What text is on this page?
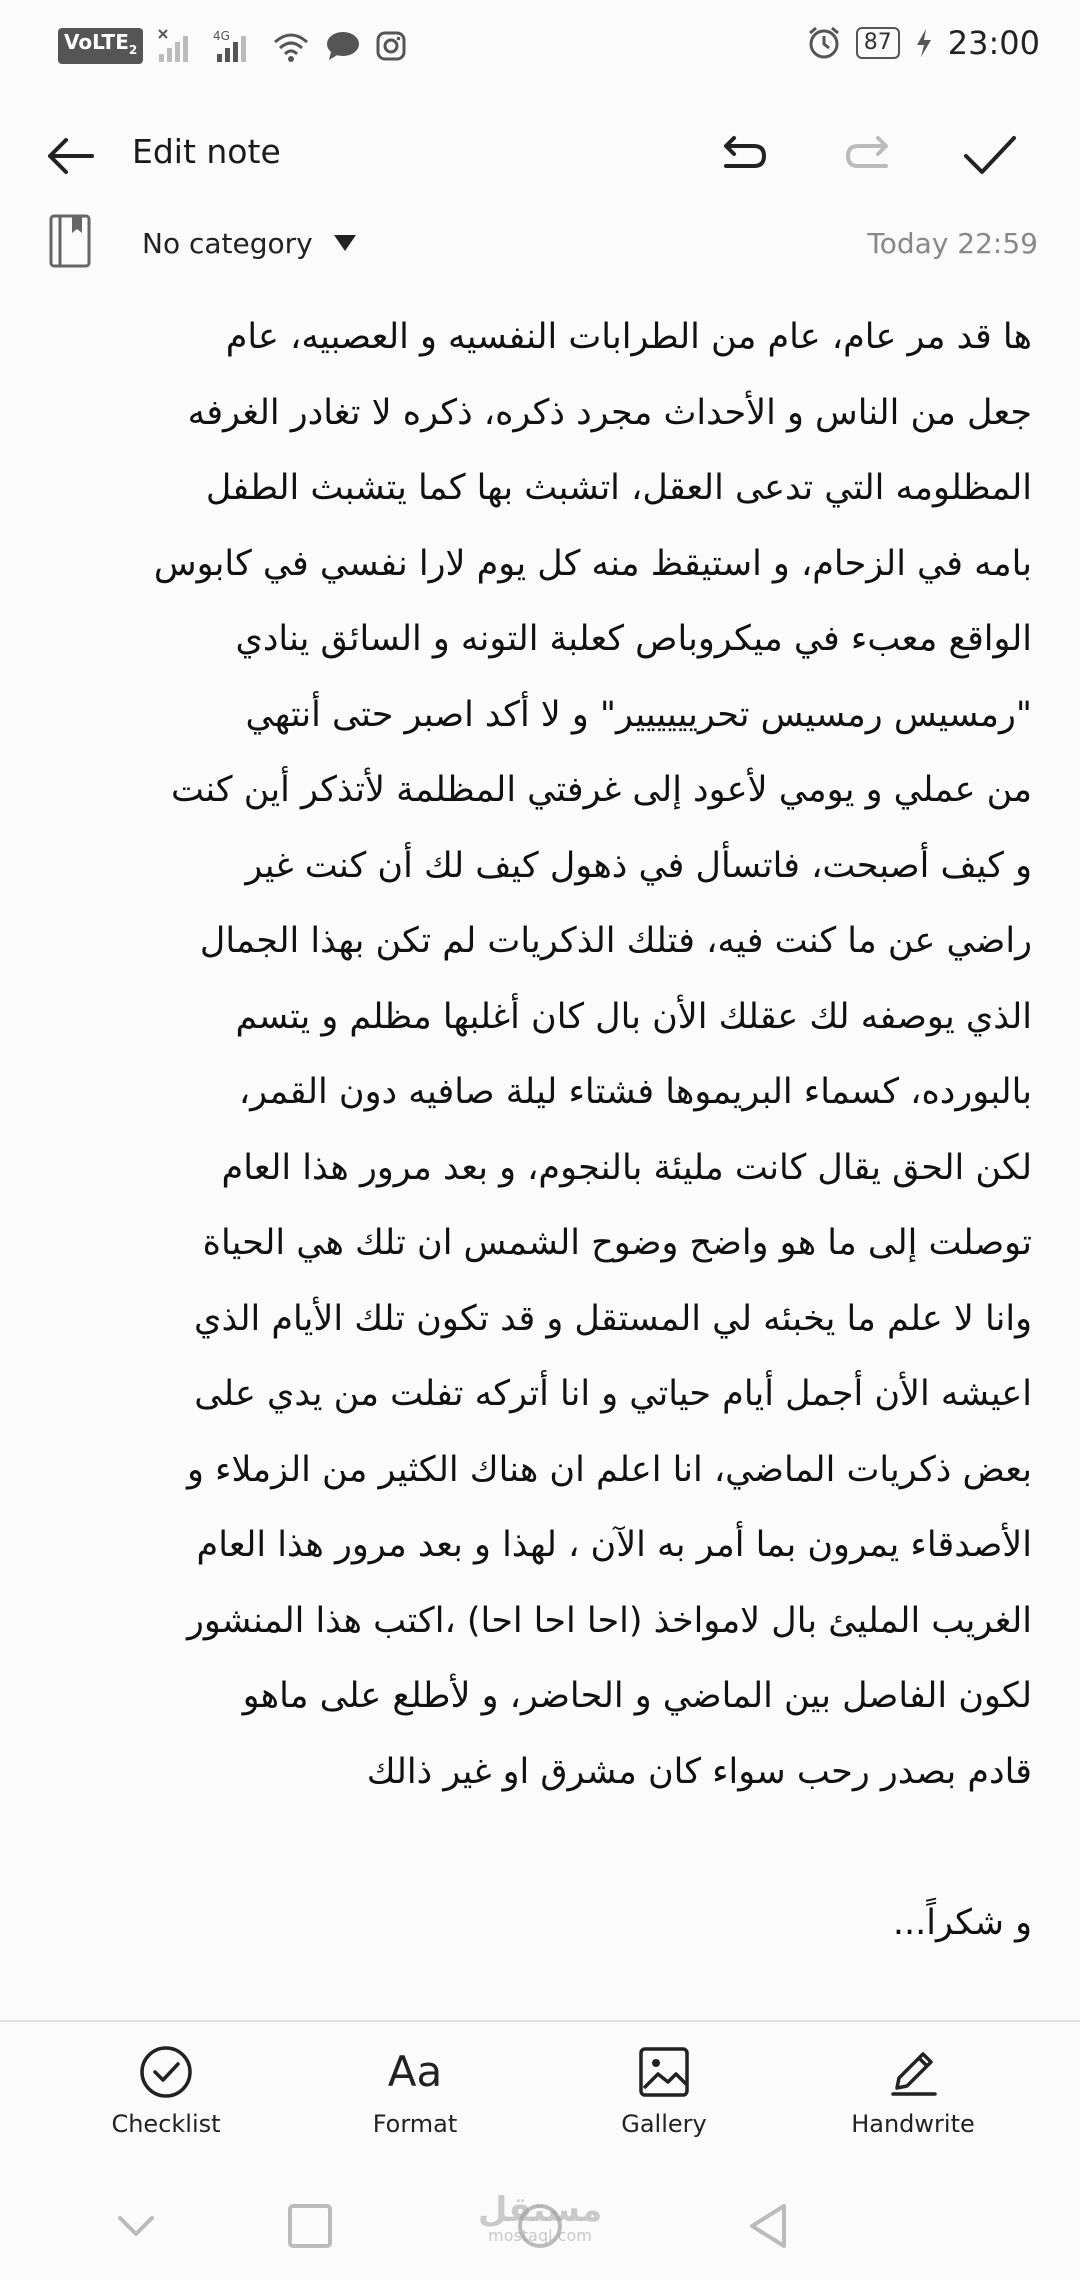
VoLTE$_2$
4G	87 23:00
Edit note
No category	Today 22:59
ها قد مر عام، عام من الطرابات النفسيه و العصبيه، عام
جعل من الناس و الأحداث مجرد ذكره، ذكره لا تغادر الغرفه
المظلومه التي تدعى العقل، اتشبث بها كما يتشبث الطفل
بامه في الزحام، و استيقظ منه كل يوم لارا نفسي في كابوس
الواقع معبء في ميكروباص كعلبة التونه و السائق ينادي
"رمسيس رمسيس تحريييييير" و لا أكد اصبر حتى أنتهي
من عملي و يومي لأعود إلى غرفتي المظلمة لأتذكر أين كنت
و كيف أصبحت، فاتسأل في ذهول كيف لك أن كنت غير
راضي عن ما كنت فيه، فتلك الذكريات لم تكن بهذا الجمال
الذي يوصفه لك عقلك الأن بال كان أغلبها مظلم و يتسم
بالبورده، كسماء البريموها فشتاء ليلة صافيه دون القمر،
لكن الحق يقال كانت مليئة بالنجوم، و بعد مرور هذا العام
توصلت إلى ما هو واضح وضوح الشمس ان تلك هي الحياة
وانا لا علم ما يخبئه لي المستقل و قد تكون تلك الأيام الذي
اعيشه الأن أجمل أيام حياتي و انا أتركه تفلت من يدي على
بعض ذكريات الماضي، انا اعلم ان هناك الكثير من الزملاء و
الأصدقاء يمرون بما أمر به الآن ، لهذا و بعد مرور هذا العام
الغريب المليئ بال لامواخذ (احا احا احا) ،اكتب هذا المنشور
لكون الفاصل بين الماضي و الحاضر، و لأطلع على ماهو
قادم بصدر رحب سواء كان مشرق او غير ذالك
و شكراً...
Checklist
Aa
Format	Gallery	Handwrite
مستقل
mostaql.com
